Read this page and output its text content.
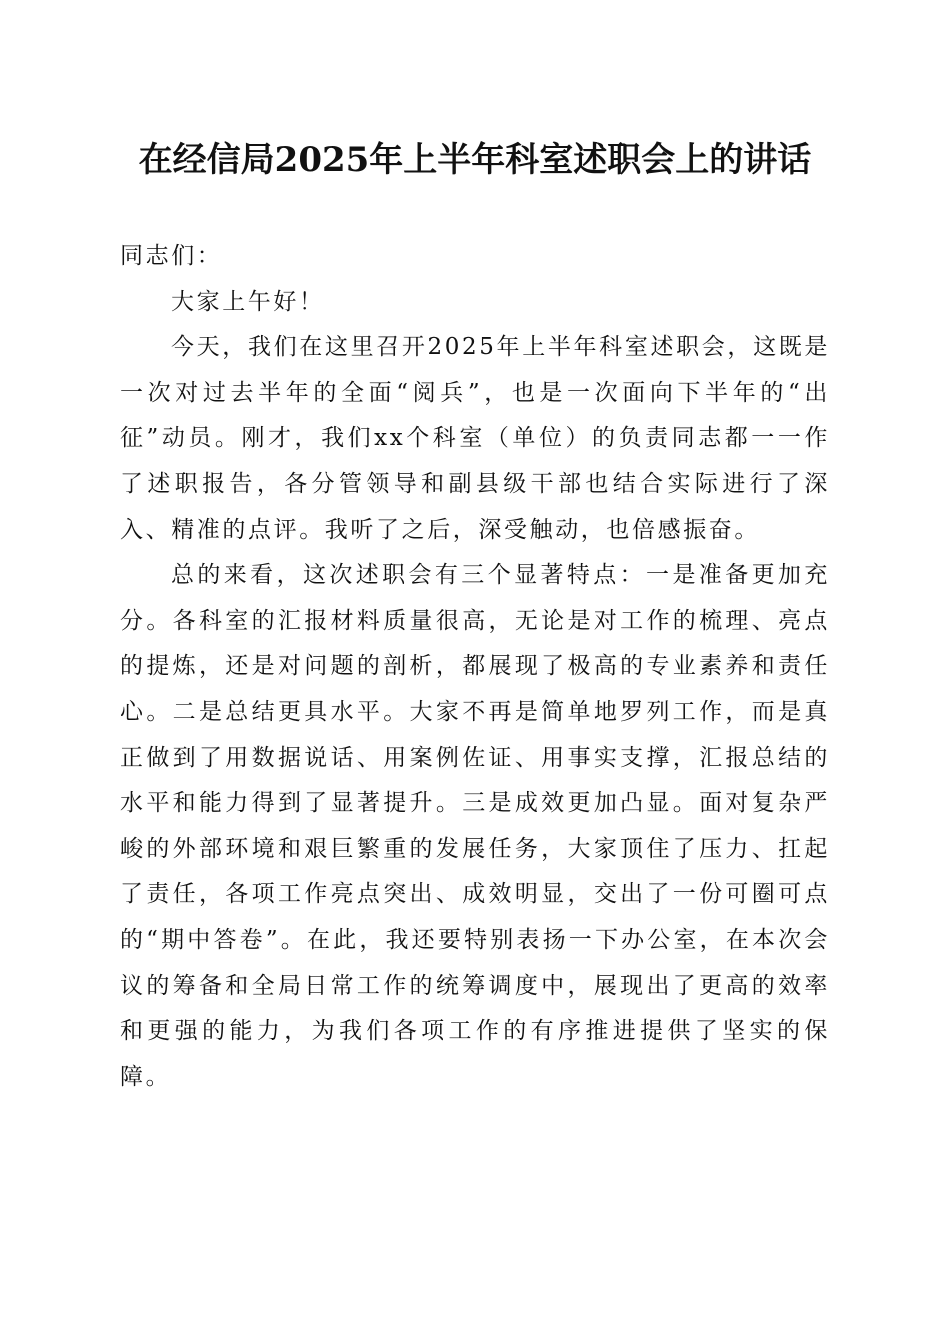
在经信局2025年上半年科室述职会上的讲话

同志们：

大家上午好！

今天，我们在这里召开2025年上半年科室述职会，这既是一次对过去半年的全面“阅兵”，也是一次面向下半年的“出征”动员。刚才，我们xx个科室（单位）的负责同志都一一作了述职报告，各分管领导和副县级干部也结合实际进行了深入、精准的点评。我听了之后，深受触动，也倍感振奋。

总的来看，这次述职会有三个显著特点：一是准备更加充分。各科室的汇报材料质量很高，无论是对工作的梳理、亮点的提炼，还是对问题的剖析，都展现了极高的专业素养和责任心。二是总结更具水平。大家不再是简单地罗列工作，而是真正做到了用数据说话、用案例佐证、用事实支撑，汇报总结的水平和能力得到了显著提升。三是成效更加凸显。面对复杂严峻的外部环境和艰巨繁重的发展任务，大家顶住了压力、扛起了责任，各项工作亮点突出、成效明显，交出了一份可圈可点的“期中答卷”。在此，我还要特别表扬一下办公室，在本次会议的筹备和全局日常工作的统筹调度中，展现出了更高的效率和更强的能力，为我们各项工作的有序推进提供了坚实的保障。
